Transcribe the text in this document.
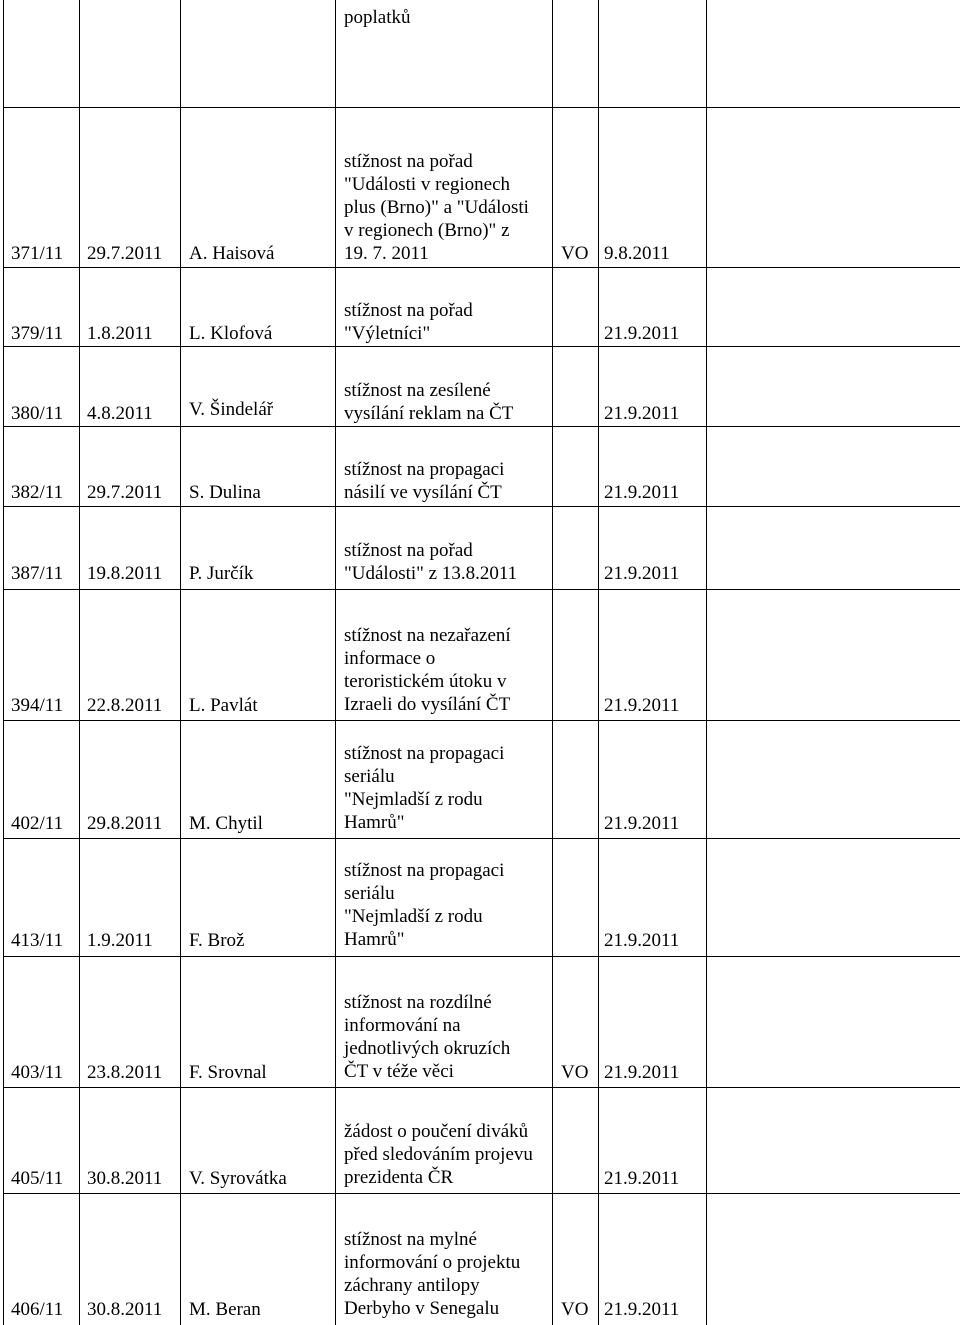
poplatků
371/11 29.7.2011 A. Haisová
stížnost na pořad
"Události v regionech
plus (Brno)" a "Události
v regionech (Brno)" z
19. 7. 2011	VO 9.8.2011
379/11 1.8.2011 L. Klofová
stížnost na pořad
"Výletníci"	21.9.2011
380/11 4.8.2011 V. Šindelář
stížnost na zesílené
vysílání reklam na ČT	21.9.2011
382/11 29.7.2011 S. Dulina
stížnost na propagaci
násilí ve vysílání ČT	21.9.2011
387/11 19.8.2011 P. Jurčík
stížnost na pořad
"Události" z 13.8.2011	21.9.2011
394/11 22.8.2011 L. Pavlát
stížnost na nezařazení
informace o
teroristickém útoku v
Izraeli do vysílání ČT	21.9.2011
402/11 29.8.2011 M. Chytil
stížnost na propagaci
seriálu
"Nejmladší z rodu
Hamrů"	21.9.2011
413/11 1.9.2011 F. Brož
stížnost na propagaci
seriálu
"Nejmladší z rodu
Hamrů"	21.9.2011
403/11 23.8.2011 F. Srovnal
stížnost na rozdílné
informování na
jednotlivých okruzích
ČT v téže věci	VO 21.9.2011
405/11 30.8.2011 V. Syrovátka
žádost o poučení diváků
před sledováním projevu
prezidenta ČR	21.9.2011
406/11 30.8.2011 M. Beran
stížnost na mylné
informování o projektu
záchrany antilopy
Derbyho v Senegalu	VO 21.9.2011
